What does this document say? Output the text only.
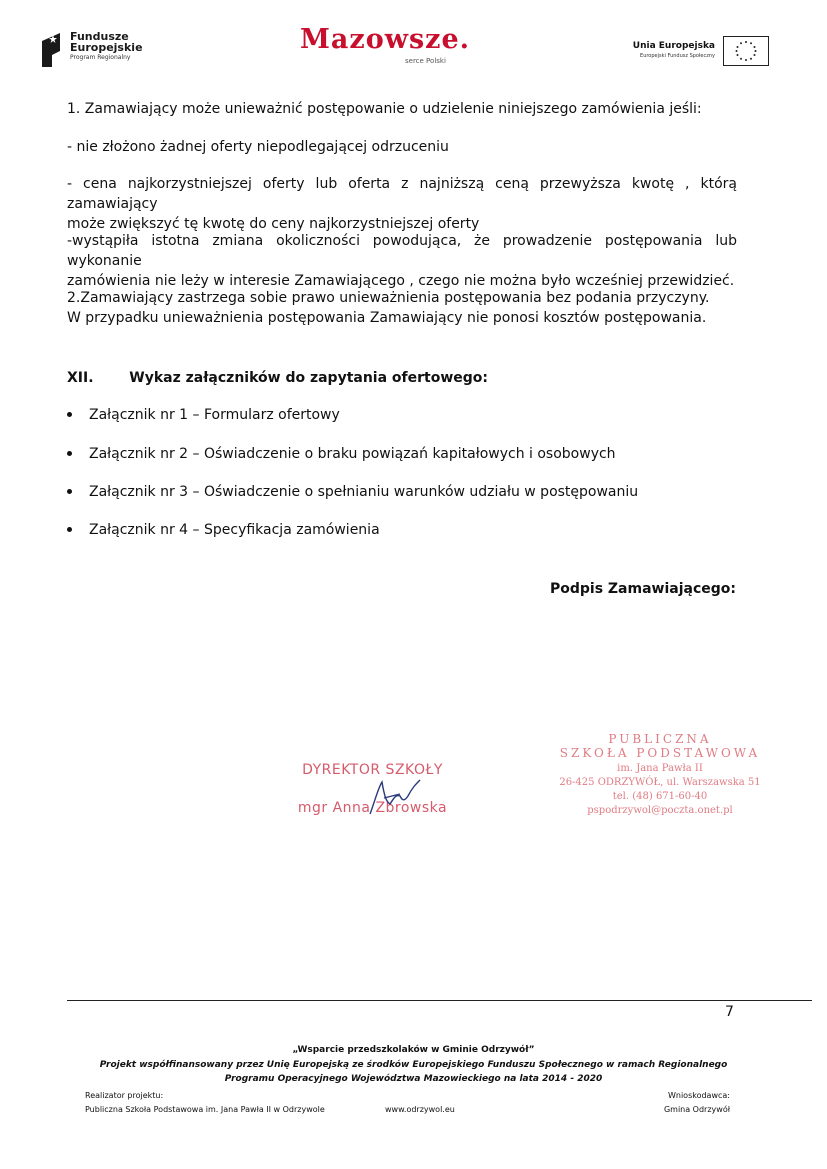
Fundusze
Europejskie
Program Regionalny
Mazowsze.
serce Polski
Unia Europejska
Europejski Fundusz Społeczny

1. Zamawiający może unieważnić postępowanie o udzielenie niniejszego zamówienia jeśli:

- nie złożono żadnej oferty niepodlegającej odrzuceniu

- cena najkorzystniejszej oferty lub oferta z najniższą ceną przewyższa kwotę , którą zamawiający
może zwiększyć tę kwotę do ceny najkorzystniejszej oferty
-wystąpiła istotna zmiana okoliczności powodująca, że prowadzenie postępowania lub wykonanie
zamówienia nie leży w interesie Zamawiającego , czego nie można było wcześniej przewidzieć.
2.Zamawiający zastrzega sobie prawo unieważnienia postępowania bez podania przyczyny.
W przypadku unieważnienia postępowania Zamawiający nie ponosi kosztów postępowania.
XII.	Wykaz załączników do zapytania ofertowego:
Załącznik nr 1 – Formularz ofertowy
Załącznik nr 2 – Oświadczenie o braku powiązań kapitałowych i osobowych
Załącznik nr 3 – Oświadczenie o spełnianiu warunków udziału w postępowaniu
Załącznik nr 4 – Specyfikacja zamówienia
Podpis Zamawiającego:
DYREKTOR SZKOŁY
mgr Anna Zbrowska
PUBLICZNA
SZKOŁA PODSTAWOWA
im. Jana Pawła II
26-425 ODRZYWÓŁ, ul. Warszawska 51
tel. (48) 671-60-40
pspodrzywol@poczta.onet.pl
7
„Wsparcie przedszkolaków w Gminie Odrzywół”
Projekt współfinansowany przez Unię Europejską ze środków Europejskiego Funduszu Społecznego w ramach Regionalnego
Programu Operacyjnego Województwa Mazowieckiego na lata 2014 - 2020
Realizator projektu:
Publiczna Szkoła Podstawowa im. Jana Pawła II w Odrzywole	www.odrzywol.eu
Wnioskodawca:
Gmina Odrzywół
